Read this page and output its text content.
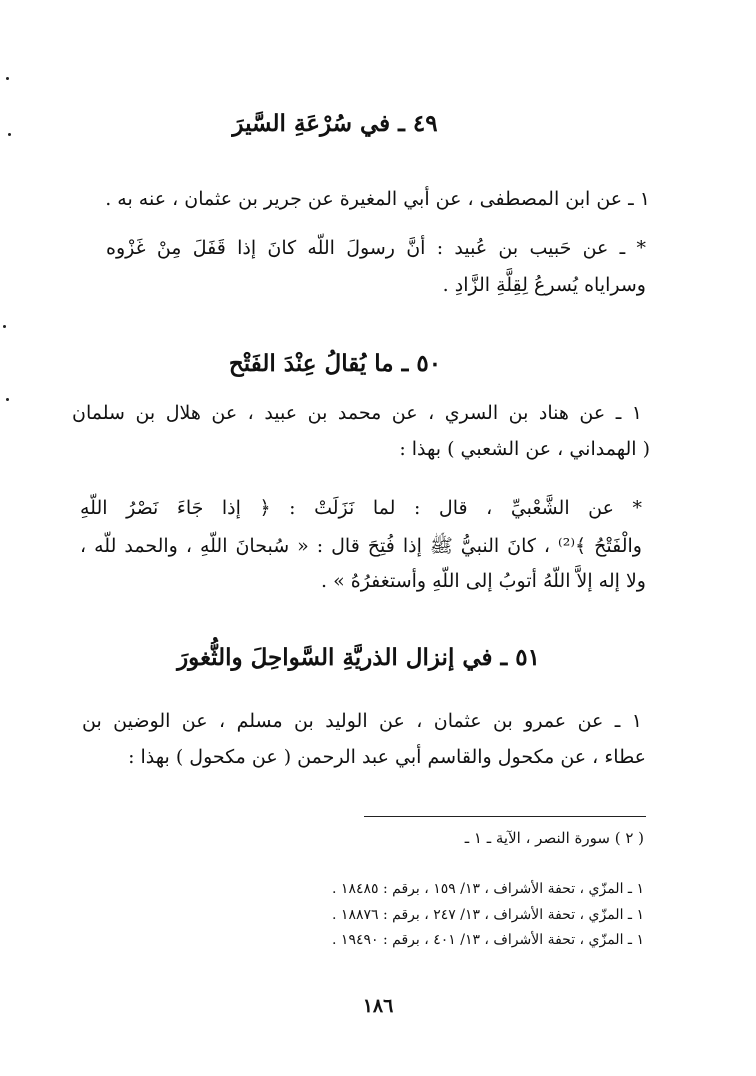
٤٩ ـ في سُرْعَةِ السَّيرَ
١ ـ عن ابن المصطفى ، عن أبي المغيرة عن جرير بن عثمان ، عنه به .
* ـ عن حَبيب بن عُبيد : أنَّ رسولَ اللّه كانَ إذا قَفَلَ مِنْ غَزْوه
وسراياه يُسرعُ لِقِلَّةِ الزَّادِ .
٥٠ ـ ما يُقالُ عِنْدَ الفَتْح
١ ـ عن هناد بن السري ، عن محمد بن عبيد ، عن هلال بن سلمان
( الهمداني ، عن الشعبي ) بهذا :
* عن الشَّعْبيِّ ، قال : لما نَزَلَتْ : ﴿ إذا جَاءَ نَصْرُ اللّهِ
والْفَتْحُ ﴾⁽²⁾ ، كانَ النبيُّ ﷺ إذا فُتِحَ قال : « سُبحانَ اللّهِ ، والحمد للّه ،
ولا إله إلاَّ اللّهُ أتوبُ إلى اللّهِ وأستغفرُهُ » .
٥١ ـ في إنزال الذريَّةِ السَّواحِلَ والثُّغورَ
١ ـ عن عمرو بن عثمان ، عن الوليد بن مسلم ، عن الوضين بن
عطاء ، عن مكحول والقاسم أبي عبد الرحمن ( عن مكحول ) بهذا :
( ٢ ) سورة النصر ، الآية ـ ١ ـ
١ ـ المزّي ، تحفة الأشراف ، ١٣/ ١٥٩ ، برقم : ١٨٤٨٥ .
١ ـ المزّي ، تحفة الأشراف ، ١٣/ ٢٤٧ ، برقم : ١٨٨٧٦ .
١ ـ المزّي ، تحفة الأشراف ، ١٣/ ٤٠١ ، برقم : ١٩٤٩٠ .
١٨٦
